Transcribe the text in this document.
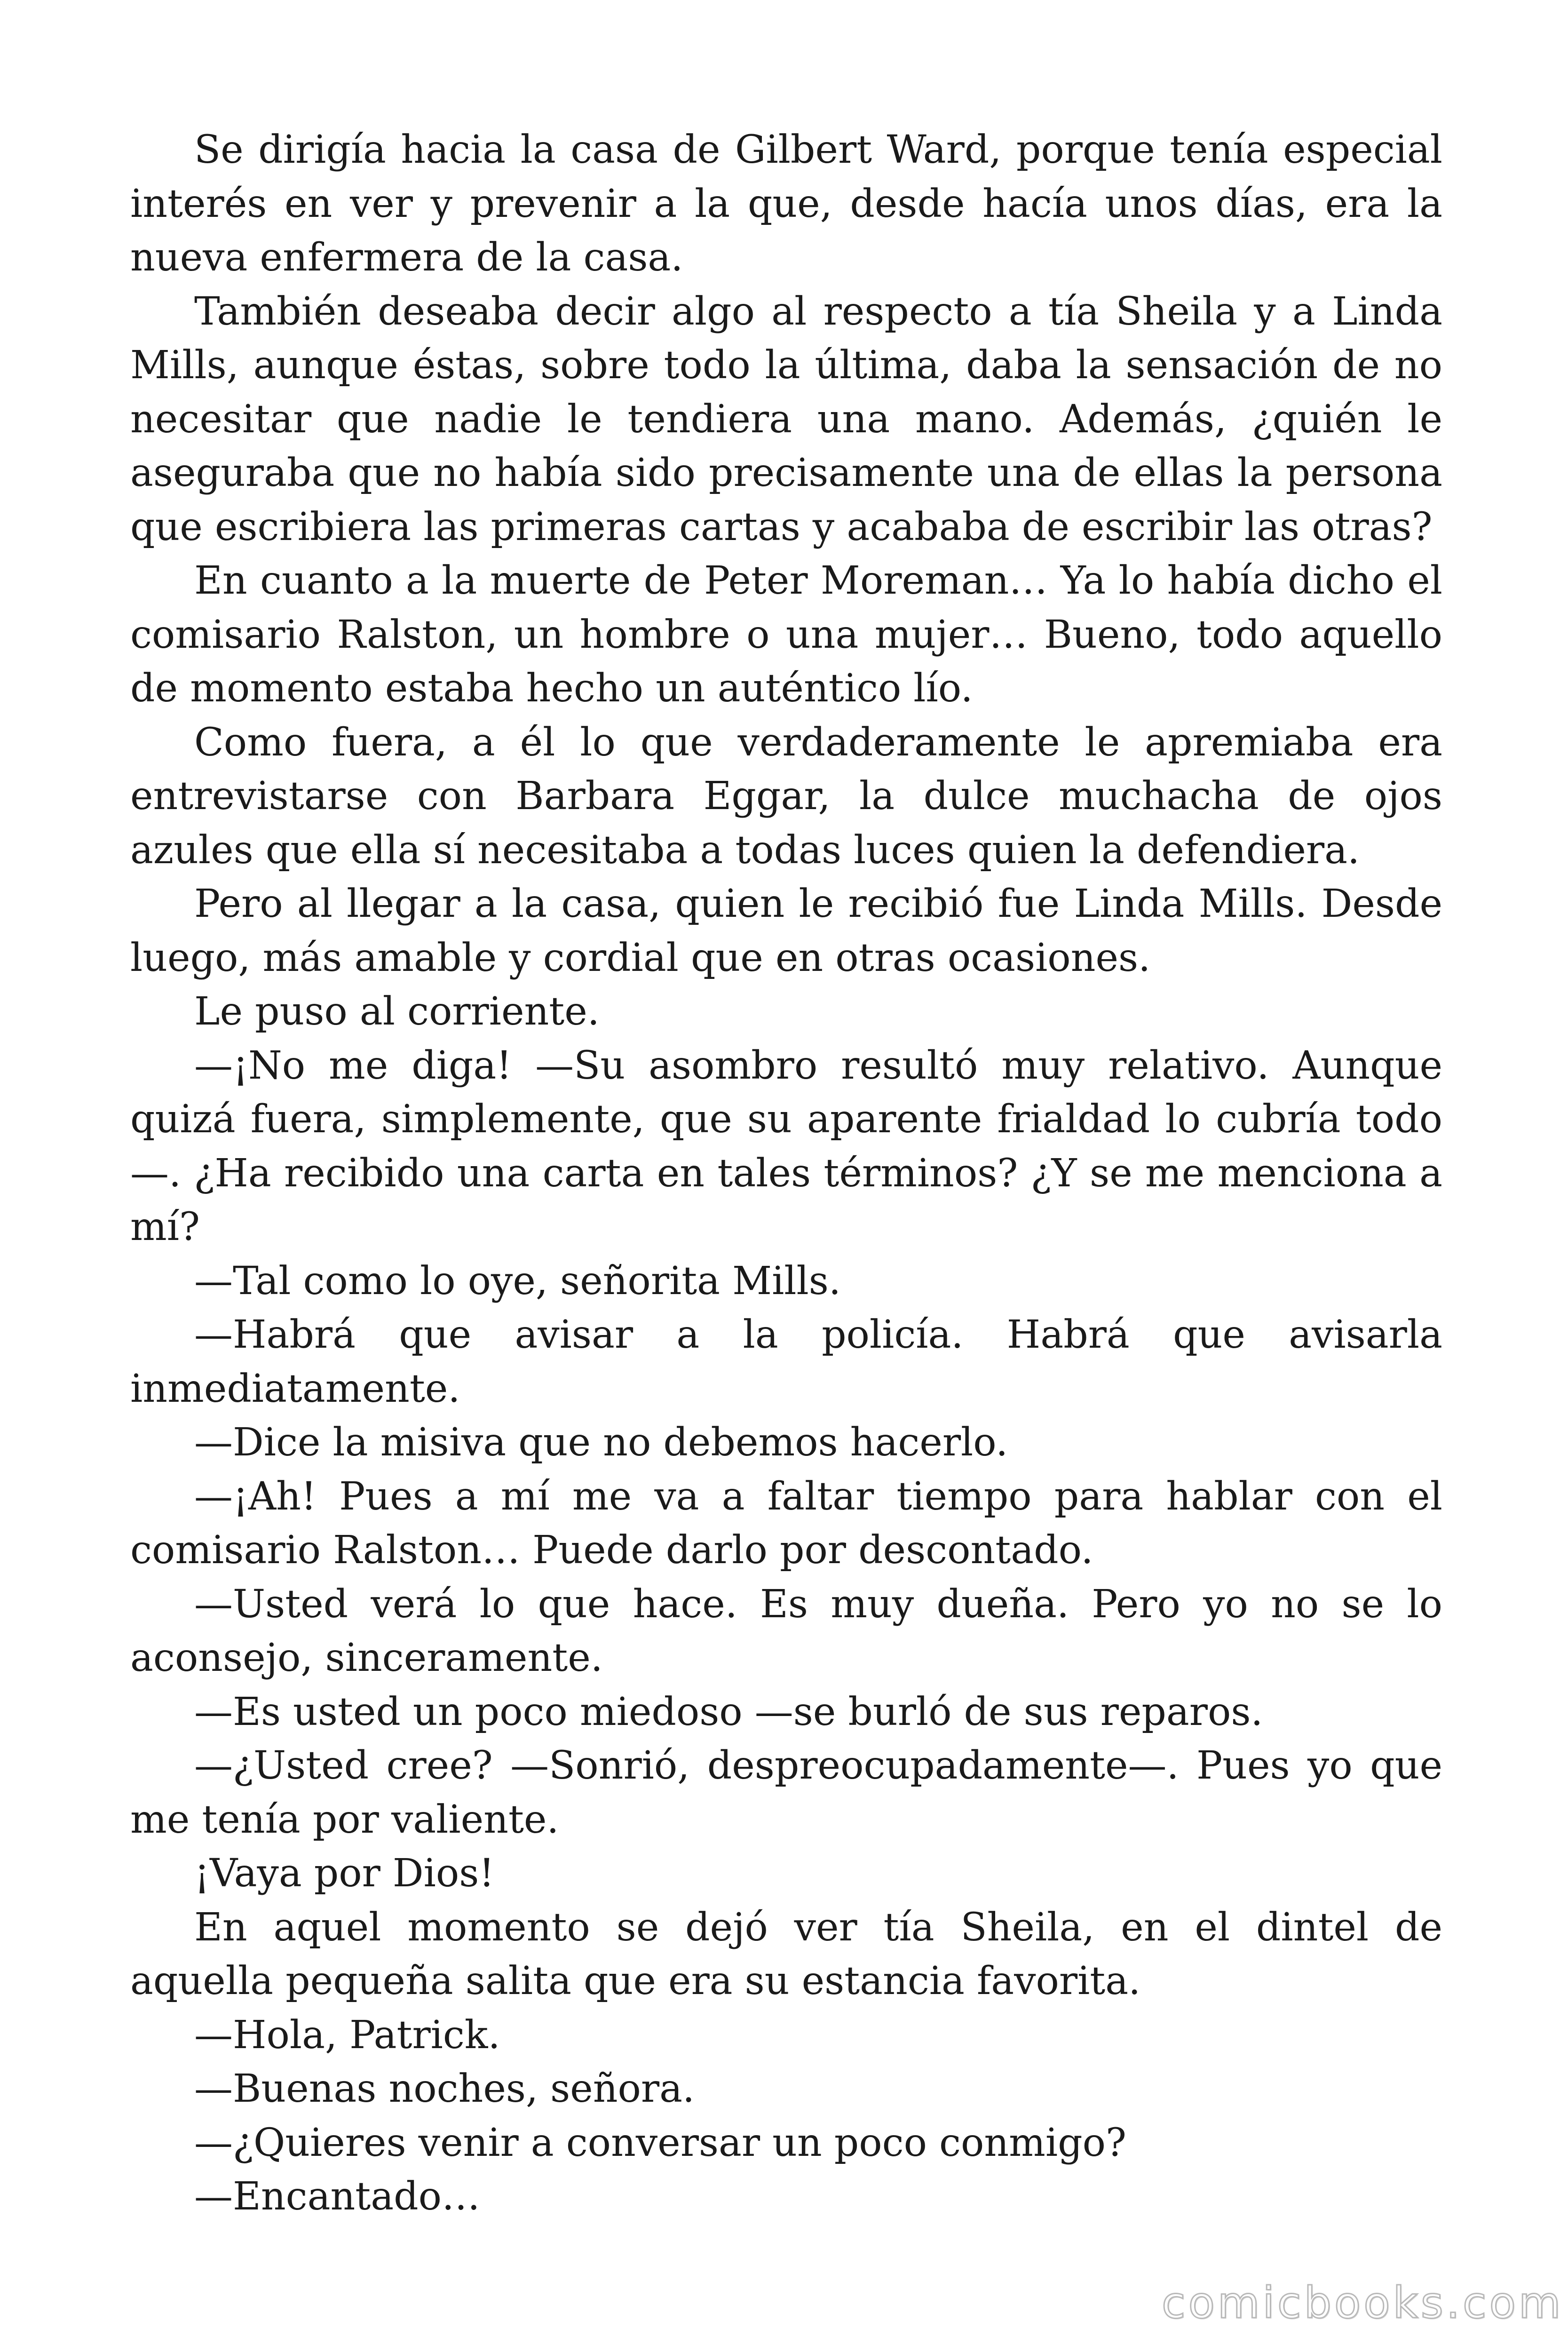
Se dirigía hacia la casa de Gilbert Ward, porque tenía especial interés en ver y prevenir a la que, desde hacía unos días, era la nueva enfermera de la casa.

También deseaba decir algo al respecto a tía Sheila y a Linda Mills, aunque éstas, sobre todo la última, daba la sensación de no necesitar que nadie le tendiera una mano. Además, ¿quién le aseguraba que no había sido precisamente una de ellas la persona que escribiera las primeras cartas y acababa de escribir las otras?

En cuanto a la muerte de Peter Moreman… Ya lo había dicho el comisario Ralston, un hombre o una mujer… Bueno, todo aquello de momento estaba hecho un auténtico lío.

Como fuera, a él lo que verdaderamente le apremiaba era entrevistarse con Barbara Eggar, la dulce muchacha de ojos azules que ella sí necesitaba a todas luces quien la defendiera.

Pero al llegar a la casa, quien le recibió fue Linda Mills. Desde luego, más amable y cordial que en otras ocasiones.

Le puso al corriente.

—¡No me diga! —Su asombro resultó muy relativo. Aunque quizá fuera, simplemente, que su aparente frialdad lo cubría todo—. ¿Ha recibido una carta en tales términos? ¿Y se me menciona a mí?

—Tal como lo oye, señorita Mills.

—Habrá que avisar a la policía. Habrá que avisarla inmediatamente.

—Dice la misiva que no debemos hacerlo.

—¡Ah! Pues a mí me va a faltar tiempo para hablar con el comisario Ralston… Puede darlo por descontado.

—Usted verá lo que hace. Es muy dueña. Pero yo no se lo aconsejo, sinceramente.

—Es usted un poco miedoso —se burló de sus reparos.

—¿Usted cree? —Sonrió, despreocupadamente—. Pues yo que me tenía por valiente.

¡Vaya por Dios!

En aquel momento se dejó ver tía Sheila, en el dintel de aquella pequeña salita que era su estancia favorita.

—Hola, Patrick.

—Buenas noches, señora.

—¿Quieres venir a conversar un poco conmigo?

—Encantado…

comicbooks.com
